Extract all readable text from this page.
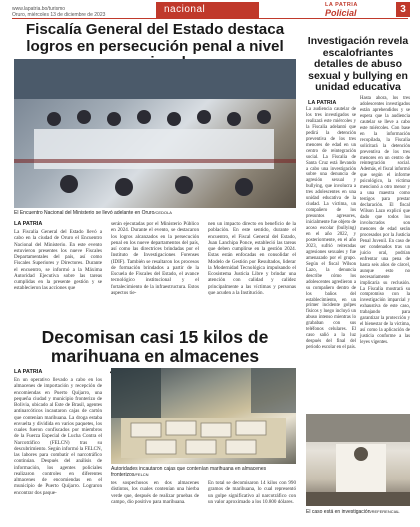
www.lapatria.bo/turismo
Oruro, miércoles 13 de diciembre de 2023	nacional	LA PATRIA
Policial	3
Fiscalía General del Estado destaca logros en persecución penal a nivel
El Encuentro Nacional del Ministerio se llevó adelante en Oruro/CEDOLA
LA PATRIA
La Fiscalía General del Estado llevó a cabo en la ciudad de Oruro el Encuentro Nacional del Ministerio. En este evento estuvieron presentes los nueve Fiscales Departamentales del país, así como Fiscales Superiores y Directores. Durante el encuentro, se informó a la Máxima Autoridad Ejecutiva sobre las tareas cumplidas en la presente gestión y se establecieron las acciones que
serán ejecutadas por el Ministerio Público en 2024. Durante el evento, se destacaron los logros alcanzados en la persecución penal en los nueve departamentos del país, así como las directrices brindadas por el Instituto de Investigaciones Forenses (IDIF). También se resaltaron los procesos de formación brindados a partir de la Escuela de Fiscales del Estado, el avance tecnológico institucional y el fortalecimiento de la infraestructura. Estos aspectos tie-
nen un impacto directo en beneficio de la población. En este sentido, durante el encuentro, el Fiscal General del Estado, Juan Lanchipa Ponce, estableció las tareas que deben cumplirse en la gestión 2024. Estas están enfocadas en consolidar el Modelo de Gestión por Resultados, liderar la Modernidad Tecnológica impulsando el Ecosistema Justicia Libre y brindar una atención con calidad y calidez principalmente a las víctimas y personas que acuden a la Institución.
Decomisan casi 15 kilos de marihuana en almacenes
LA PATRIA
En un operativo llevado a cabo en los almacenes de importación y recepción de encomiendas en Puerto Quijarro, una pequeña ciudad y municipio fronterizo de Bolivia, ubicado al Este de Brasil, agentes antinarcóticos incautaron cajas de cartón que contenían marihuana. La droga estaba envuelta y dividida en varios paquetes, los cuales fueron confiscados por miembros de la Fuerza Especial de Lucha Contra el Narcotráfico (FELCN) tras su descubrimiento. Según informó la FELCN, las labores para combatir el narcotráfico continúan. Después del análisis de información, los agentes policiales realizaron controles en diferentes almacenes de encomiendas en el municipio de Puerto Quijarro. Lograron encontrar dos paque-
Autoridades incautaron cajas que contenían marihuana en almacenes fronterizos/FELCN
tes sospechosos en dos almacenes distintos, los cuales contenían una hierba verde que, después de realizar pruebas de campo, dio positivo para marihuana.
En total se decomisaron 14 kilos con 990 gramos de marihuana, lo cual representó un golpe significativo al narcotráfico con un valor aproximado a los 10.800 dólares.
Investigación revela escalofriantes detalles de abuso sexual y bullying en unidad educativa
LA PATRIA
La audiencia cautelar de los tres investigados se realizará este miércoles y la Fiscalía adelantó que pedirá la detención preventiva de los tres menores de edad en un centro de reintegración social. La Fiscalía de Santa Cruz está llevando a cabo una investigación sobre una denuncia de agresión sexual y bullying, que involucra a tres adolescentes en una unidad educativa de la ciudad. La víctima, un compañero de los presuntos agresores, inicialmente fue objeto de acoso escolar (bullying) en el año 2022, y posteriormente, en el año 2023, sufrió reiteradas agresiones sexuales y fue amenazado por el grupo. Según el fiscal Wilson Lazo, la denuncia describe cómo los adolescentes agredieron a su compañero dentro de los baños del establecimiento, en un primer incidente golpes físicos y luego incluyó un abuso intenso mientras lo grababan con sus teléfonos celulares. El caso salió a la luz después del final del periodo escolar en el país.
Hasta ahora, los tres adolescentes investigados están aprehendidos y se espera que la audiencia cautelar se lleve a cabo este miércoles. Con base en la información recopilada, la Fiscalía solicitará la detención preventiva de los tres menores en un centro de reintegración social. Además, el fiscal informó que según el informe psicológico, la víctima mencionó a otro menor y a una maestra como testigos para prestar declaración. El fiscal Wilson Lazo explicó que dado que todos los involucrados son menores de edad serán procesados por la Justicia Penal Juvenil. En caso de ser condenados tras un juicio oral, podrían enfrentar una pena de hasta seis años de cárcel, aunque esto no necesariamente implicaría su reclusión. La Fiscalía mostrará su compromiso con la investigación imparcial y exhaustiva de este caso, trabajando para garantizar la protección y el bienestar de la víctima, así como la aplicación de justicia conforme a las leyes vigentes.
El caso está en investigación/REFERENCIAL
